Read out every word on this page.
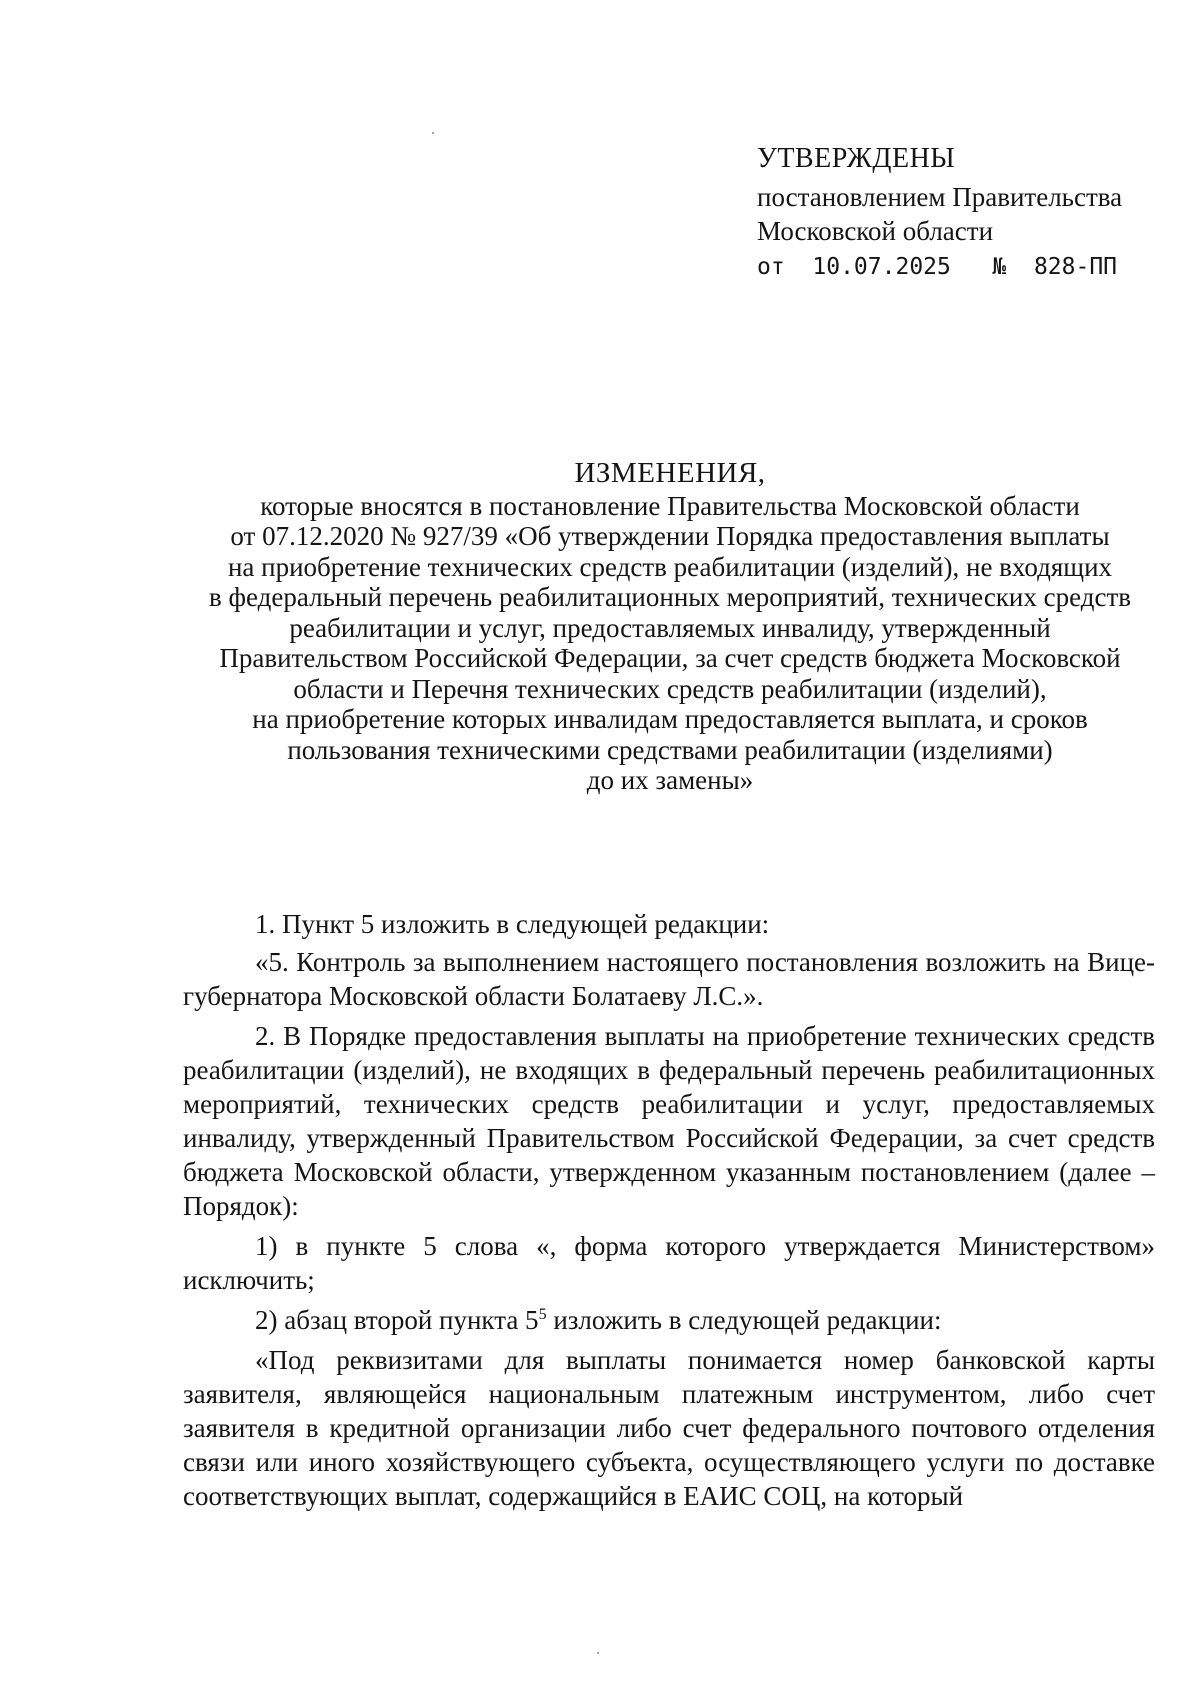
УТВЕРЖДЕНЫ
постановлением Правительства
Московской области
от  10.07.2025   №  828-ПП
ИЗМЕНЕНИЯ,
которые вносятся в постановление Правительства Московской области
от 07.12.2020 № 927/39 «Об утверждении Порядка предоставления выплаты
на приобретение технических средств реабилитации (изделий), не входящих
в федеральный перечень реабилитационных мероприятий, технических средств
реабилитации и услуг, предоставляемых инвалиду, утвержденный
Правительством Российской Федерации, за счет средств бюджета Московской
области и Перечня технических средств реабилитации (изделий),
на приобретение которых инвалидам предоставляется выплата, и сроков
пользования техническими средствами реабилитации (изделиями)
до их замены»

1. Пункт 5 изложить в следующей редакции:

«5. Контроль за выполнением настоящего постановления возложить на Вице-губернатора Московской области Болатаеву Л.С.».

2. В Порядке предоставления выплаты на приобретение технических средств реабилитации (изделий), не входящих в федеральный перечень реабилитационных мероприятий, технических средств реабилитации и услуг, предоставляемых инвалиду, утвержденный Правительством Российской Федерации, за счет средств бюджета Московской области, утвержденном указанным постановлением (далее – Порядок):

1) в пункте 5 слова «, форма которого утверждается Министерством» исключить;

2) абзац второй пункта $5^5$ изложить в следующей редакции:

«Под реквизитами для выплаты понимается номер банковской карты заявителя, являющейся национальным платежным инструментом, либо счет заявителя в кредитной организации либо счет федерального почтового отделения связи или иного хозяйствующего субъекта, осуществляющего услуги по доставке соответствующих выплат, содержащийся в ЕАИС СОЦ, на который
